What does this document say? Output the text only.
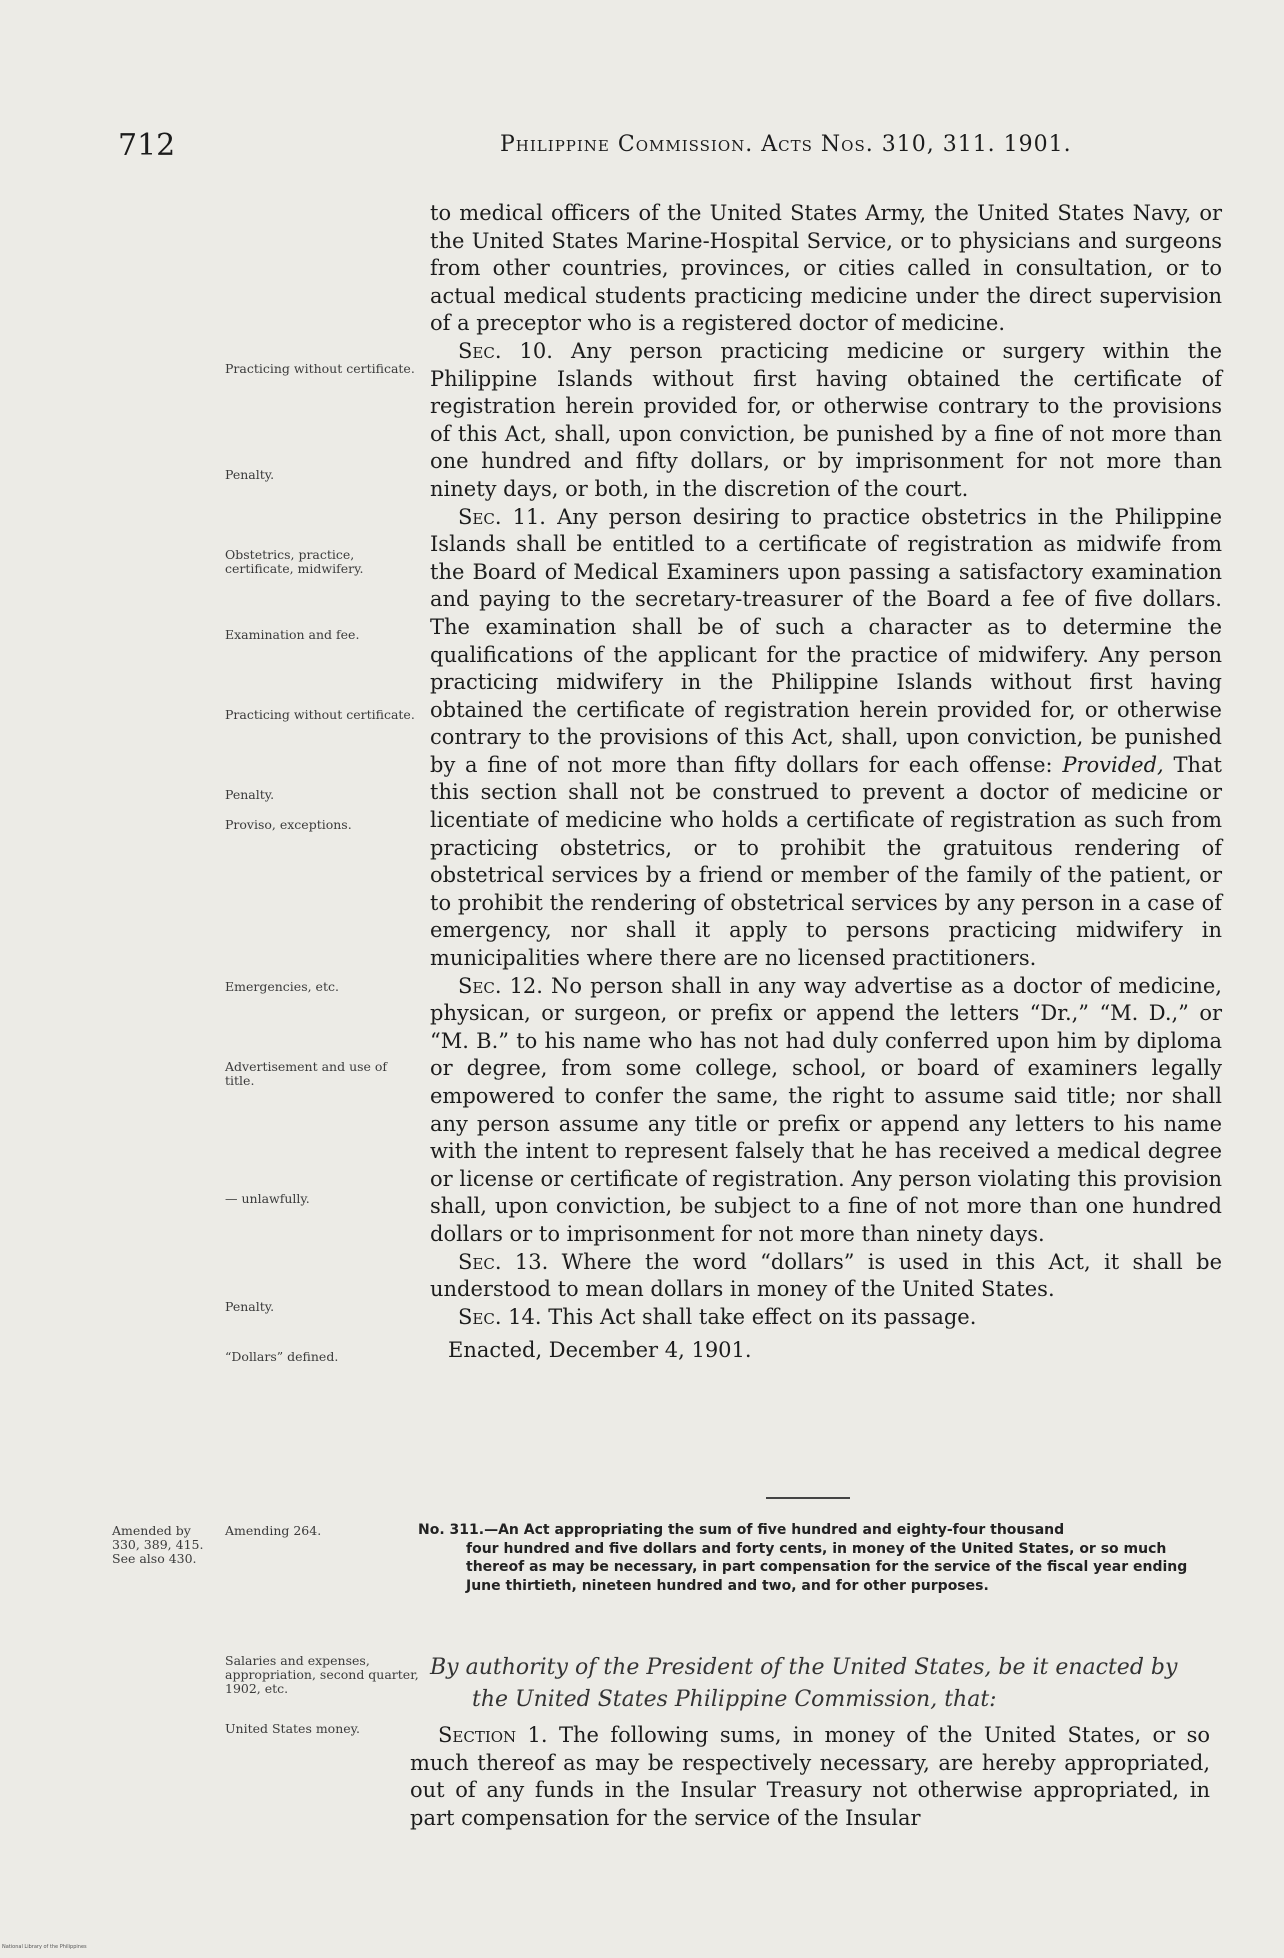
712	Philippine Commission. Acts Nos. 310, 311. 1901.
Practicing without certificate.
Penalty.
Obstetrics, practice, certificate, midwifery.
Examination and fee.
Practicing without certificate.
Penalty.
Proviso, exceptions.
Emergencies, etc.
Advertisement and use of title.
— unlawfully.
Penalty.
“Dollars” defined.
Amended by 330, 389, 415. See also 430.
Amending 264.
Salaries and expenses, appropriation, second quarter, 1902, etc.
United States money.

to medical officers of the United States Army, the United States Navy, or the United States Marine-Hospital Service, or to physicians and surgeons from other countries, provinces, or cities called in consultation, or to actual medical students practicing medicine under the direct supervision of a preceptor who is a registered doctor of medicine.

Sec. 10. Any person practicing medicine or surgery within the Philippine Islands without first having obtained the certificate of registration herein provided for, or otherwise contrary to the provisions of this Act, shall, upon conviction, be punished by a fine of not more than one hundred and fifty dollars, or by imprisonment for not more than ninety days, or both, in the discretion of the court.

Sec. 11. Any person desiring to practice obstetrics in the Philippine Islands shall be entitled to a certificate of registration as midwife from the Board of Medical Examiners upon passing a satisfactory examination and paying to the secretary-treasurer of the Board a fee of five dollars. The examination shall be of such a character as to determine the qualifications of the applicant for the practice of midwifery. Any person practicing midwifery in the Philippine Islands without first having obtained the certificate of registration herein provided for, or otherwise contrary to the provisions of this Act, shall, upon conviction, be punished by a fine of not more than fifty dollars for each offense: Provided, That this section shall not be construed to prevent a doctor of medicine or licentiate of medicine who holds a certificate of registration as such from practicing obstetrics, or to prohibit the gratuitous rendering of obstetrical services by a friend or member of the family of the patient, or to prohibit the rendering of obstetrical services by any person in a case of emergency, nor shall it apply to persons practicing midwifery in municipalities where there are no licensed practitioners.

Sec. 12. No person shall in any way advertise as a doctor of medicine, physican, or surgeon, or prefix or append the letters “Dr.,” “M. D.,” or “M. B.” to his name who has not had duly conferred upon him by diploma or degree, from some college, school, or board of examiners legally empowered to confer the same, the right to assume said title; nor shall any person assume any title or prefix or append any letters to his name with the intent to represent falsely that he has received a medical degree or license or certificate of registration. Any person violating this provision shall, upon conviction, be subject to a fine of not more than one hundred dollars or to imprisonment for not more than ninety days.

Sec. 13. Where the word “dollars” is used in this Act, it shall be understood to mean dollars in money of the United States.

Sec. 14. This Act shall take effect on its passage.

Enacted, December 4, 1901.

No. 311.—An Act appropriating the sum of five hundred and eighty-four thousand
four hundred and five dollars and forty cents, in money of the United States, or so much thereof as may be necessary, in part compensation for the service of the fiscal year ending June thirtieth, nineteen hundred and two, and for other purposes.
By authority of the President of the United States, be it enacted by
the United States Philippine Commission, that:

Section 1. The following sums, in money of the United States, or so much thereof as may be respectively necessary, are hereby appropriated, out of any funds in the Insular Treasury not otherwise appropriated, in part compensation for the service of the Insular

National Library of the Philippines
